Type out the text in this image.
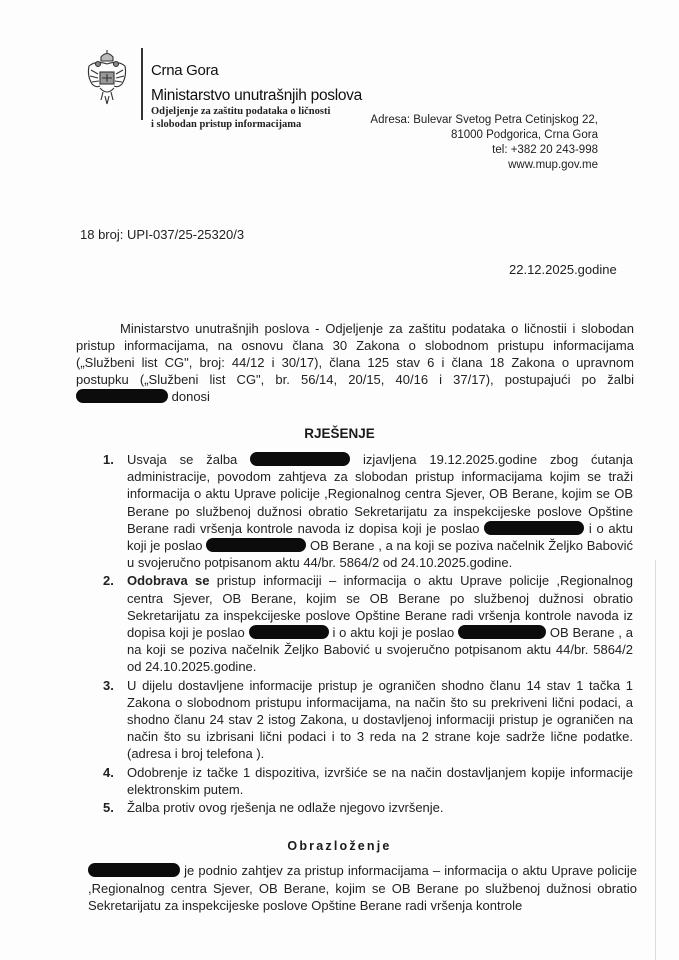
Crna Gora
Ministarstvo unutrašnjih poslova
Odjeljenje za zaštitu podataka o ličnosti
i slobodan pristup informacijama	Adresa: Bulevar Svetog Petra Cetinjskog 22,
81000 Podgorica, Crna Gora
tel: +382 20 243-998
www.mup.gov.me
18 broj: UPI-037/25-25320/3
22.12.2025.godine
Ministarstvo unutrašnjih poslova - Odjeljenje za zaštitu podataka o ličnostii i slobodan pristup informacijama, na osnovu člana 30 Zakona o slobodnom pristupu informacijama („Službeni list CG", broj: 44/12 i 30/17), člana 125 stav 6 i člana 18 Zakona o upravnom postupku („Službeni list CG", br. 56/14, 20/15, 40/16 i 37/17), postupajući po žalbi  donosi
RJEŠENJE
1. Usvaja se žalba	izjavljena 19.12.2025.godine zbog ćutanja administracije, povodom zahtjeva za slobodan pristup informacijama kojim se traži informacija o aktu Uprave policije ,Regionalnog centra Sjever, OB Berane, kojim se OB Berane po službenoj dužnosi obratio Sekretarijatu za inspekcijeske poslove Opštine Berane radi vršenja kontrole navoda iz dopisa koji je poslao	i o aktu koji je poslao	OB Berane , a na koji se poziva načelnik Željko Babović u svojeručno potpisanom aktu 44/br. 5864/2 od 24.10.2025.godine.
2. Odobrava se pristup informaciji – informacija o aktu Uprave policije ,Regionalnog centra Sjever, OB Berane, kojim se OB Berane po službenoj dužnosi obratio Sekretarijatu za inspekcijeske poslove Opštine Berane radi vršenja kontrole navoda iz dopisa koji je poslao	i o aktu koji je poslao	OB Berane , a na koji se poziva načelnik Željko Babović u svojeručno potpisanom aktu 44/br. 5864/2 od 24.10.2025.godine.
3. U dijelu dostavljene informacije pristup je ograničen shodno članu 14 stav 1 tačka 1 Zakona o slobodnom pristupu informacijama, na način što su prekriveni lični podaci, a shodno članu 24 stav 2 istog Zakona, u dostavljenoj informaciji pristup je ograničen na način što su izbrisani lični podaci i to 3 reda na 2 strane koje sadrže lične podatke. (adresa i broj telefona ).
4. Odobrenje iz tačke 1 dispozitiva, izvršiće se na način dostavljanjem kopije informacije elektronskim putem.
5. Žalba protiv ovog rješenja ne odlaže njegovo izvršenje.
Obrazloženje
je podnio zahtjev za pristup informacijama – informacija o aktu Uprave policije ,Regionalnog centra Sjever, OB Berane, kojim se OB Berane po službenoj dužnosi obratio Sekretarijatu za inspekcijeske poslove Opštine Berane radi vršenja kontrole
